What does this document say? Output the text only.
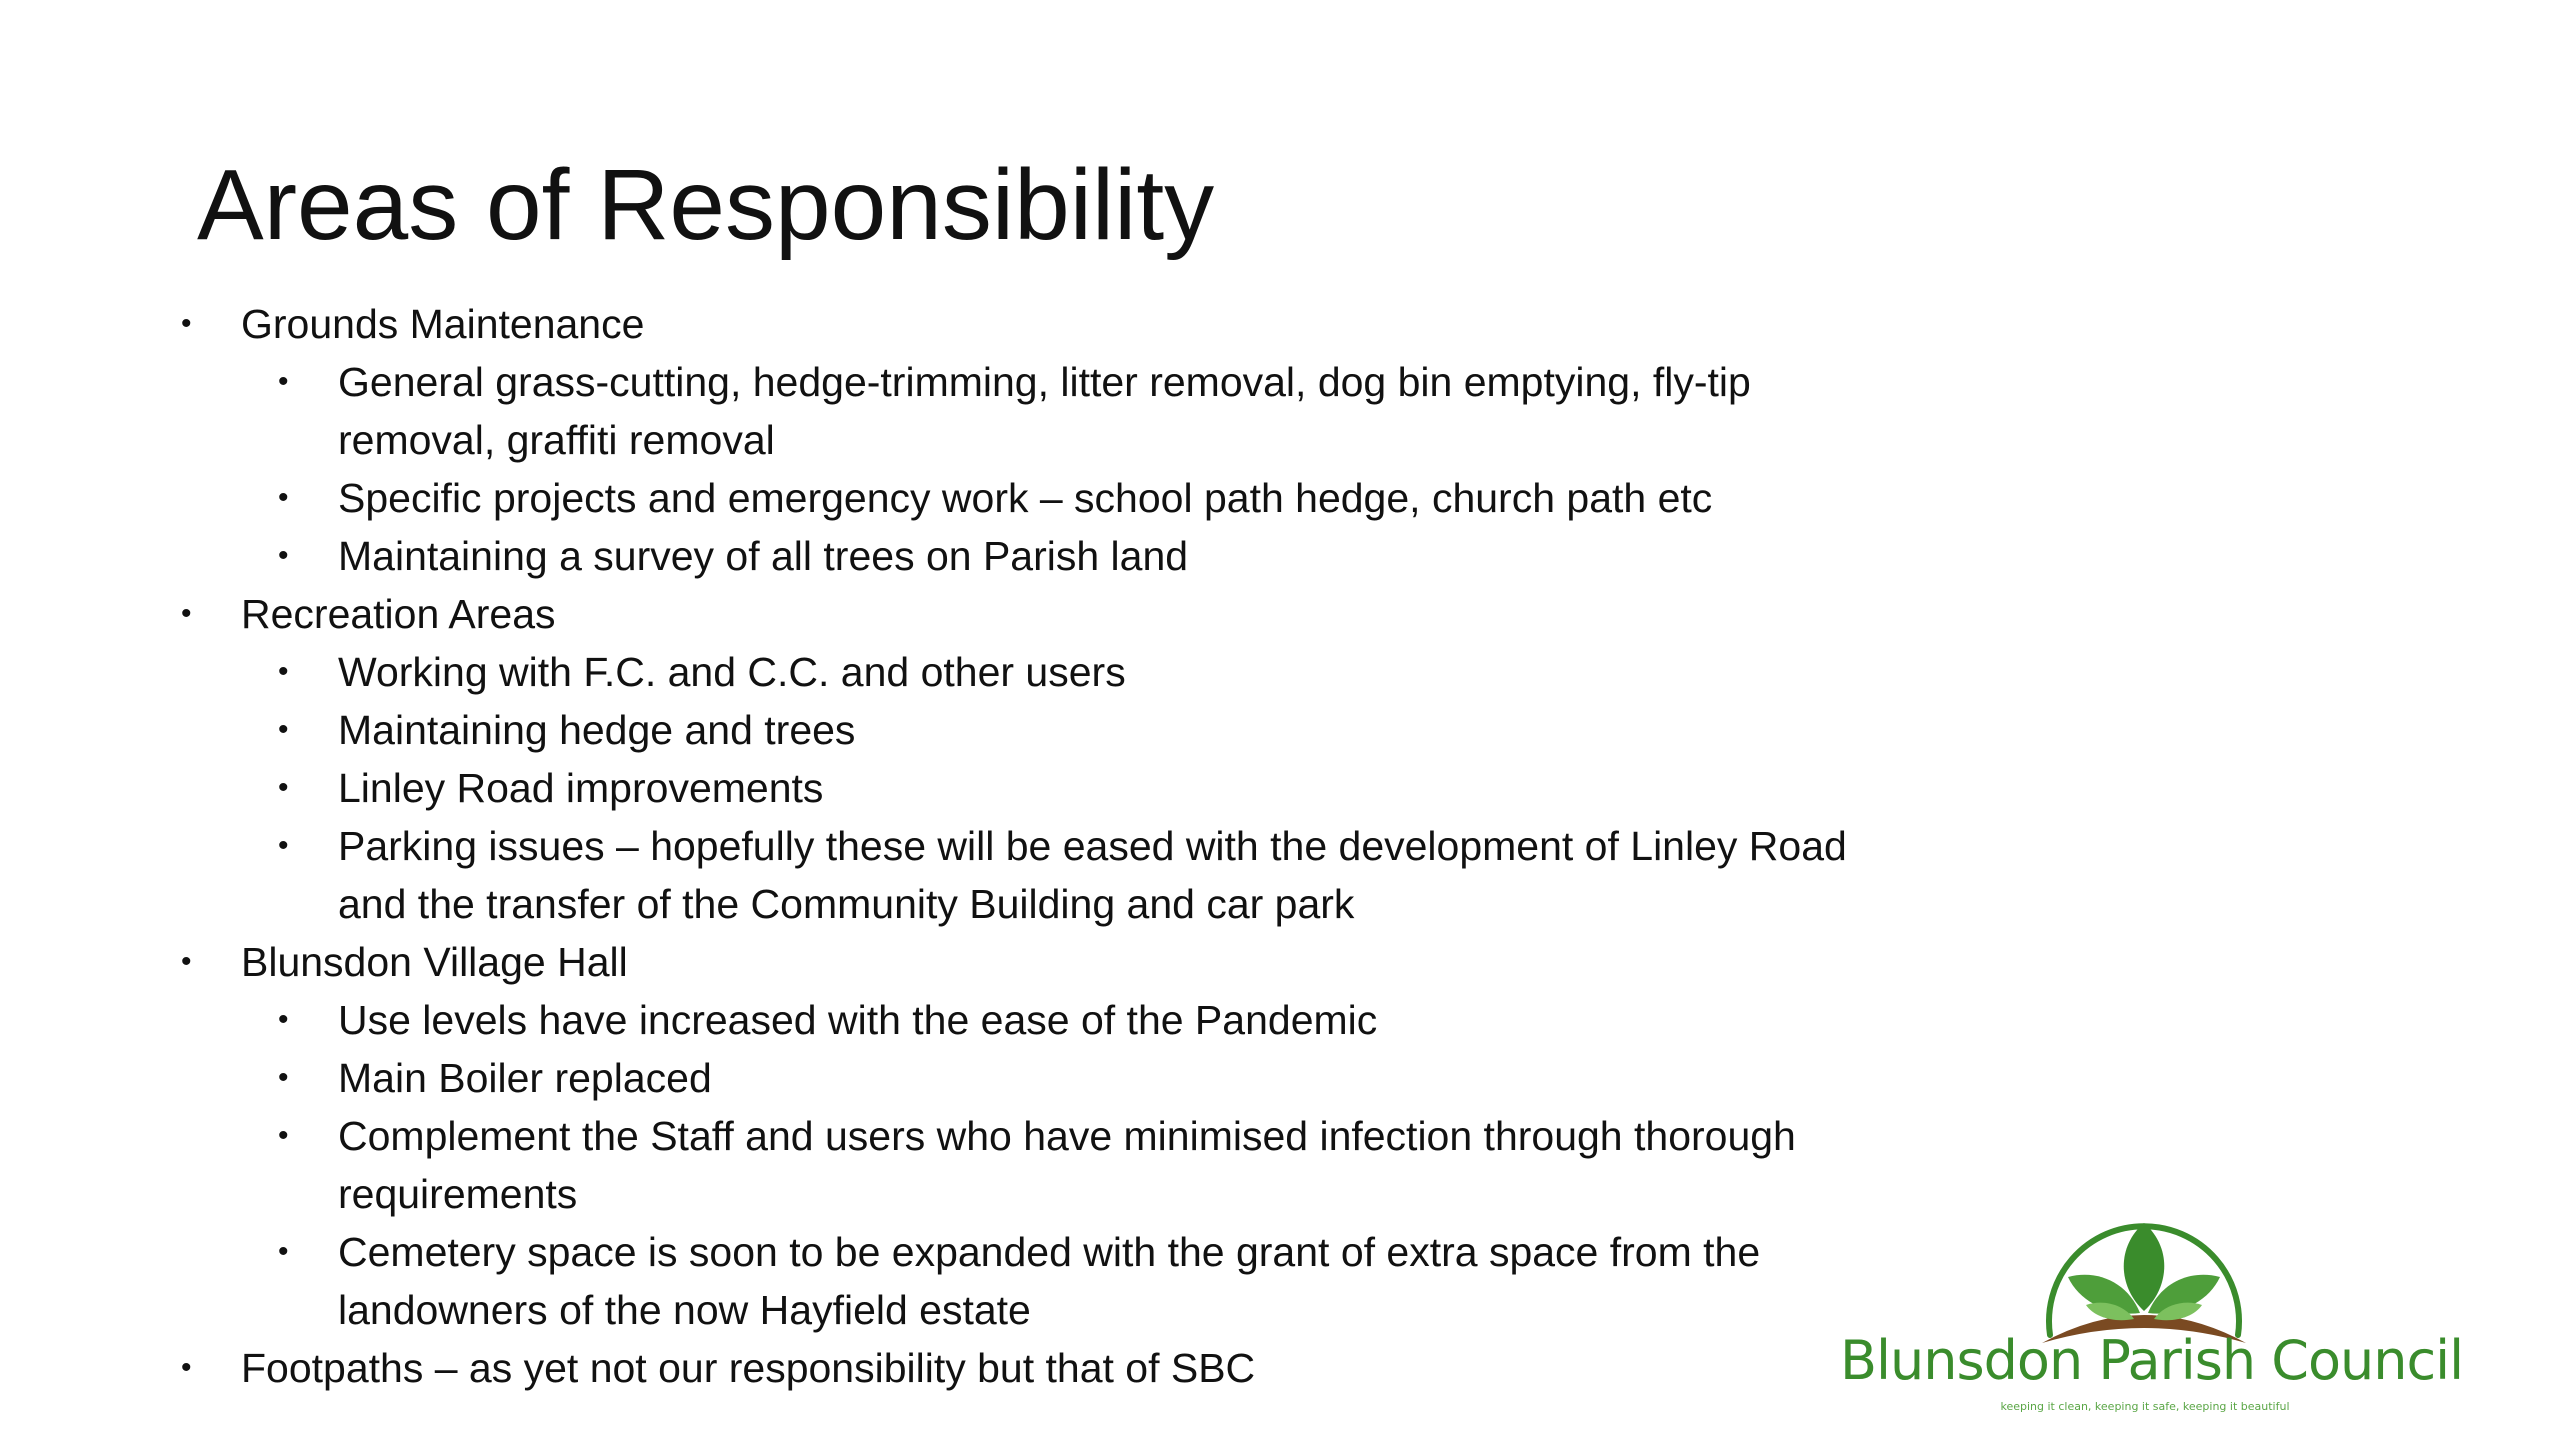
Areas of Responsibility
• Grounds Maintenance
• General grass-cutting, hedge-trimming, litter removal, dog bin emptying, fly-tip removal, graffiti removal
• Specific projects and emergency work – school path hedge, church path etc
• Maintaining a survey of all trees on Parish land
• Recreation Areas
• Working with F.C. and C.C. and other users
• Maintaining hedge and trees
• Linley Road improvements
• Parking issues – hopefully these will be eased with the development of Linley Road and the transfer of the Community Building and car park
• Blunsdon Village Hall
• Use levels have increased with the ease of the Pandemic
• Main Boiler replaced
• Complement the Staff and users who have minimised infection through thorough requirements
• Cemetery space is soon to be expanded with the grant of extra space from the landowners of the now Hayfield estate
• Footpaths – as yet not our responsibility but that of SBC	Blunsdon Parish Council
keeping it clean, keeping it safe, keeping it beautiful
